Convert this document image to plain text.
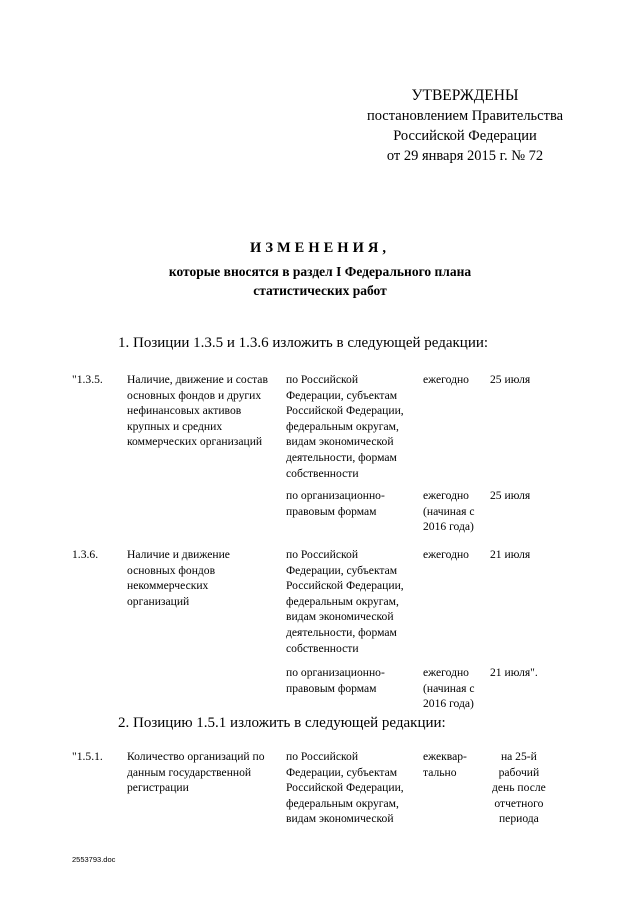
УТВЕРЖДЕНЫ
постановлением Правительства
Российской Федерации
от 29 января 2015 г. № 72
ИЗМЕНЕНИЯ,
которые вносятся в раздел I Федерального плана
статистических работ
1. Позиции 1.3.5 и 1.3.6 изложить в следующей редакции:
"1.3.5. Наличие, движение и состав
основных фондов и других
нефинансовых активов
крупных и средних
коммерческих организаций
по Российской
Федерации, субъектам
Российской Федерации,
федеральным округам,
видам экономической
деятельности, формам
собственности
ежегодно 25 июля
по организационно-
правовым формам
ежегодно
(начиная с
2016 года)
25 июля
1.3.6. Наличие и движение
основных фондов
некоммерческих
организаций
по Российской
Федерации, субъектам
Российской Федерации,
федеральным округам,
видам экономической
деятельности, формам
собственности
ежегодно 21 июля
по организационно-
правовым формам
ежегодно
(начиная с
2016 года)
21 июля".
2. Позицию 1.5.1 изложить в следующей редакции:
"1.5.1. Количество организаций по
данным государственной
регистрации
по Российской
Федерации, субъектам
Российской Федерации,
федеральным округам,
видам экономической
ежеквар-
тально
на 25-й
рабочий
день после
отчетного
периода
2553793.doc
